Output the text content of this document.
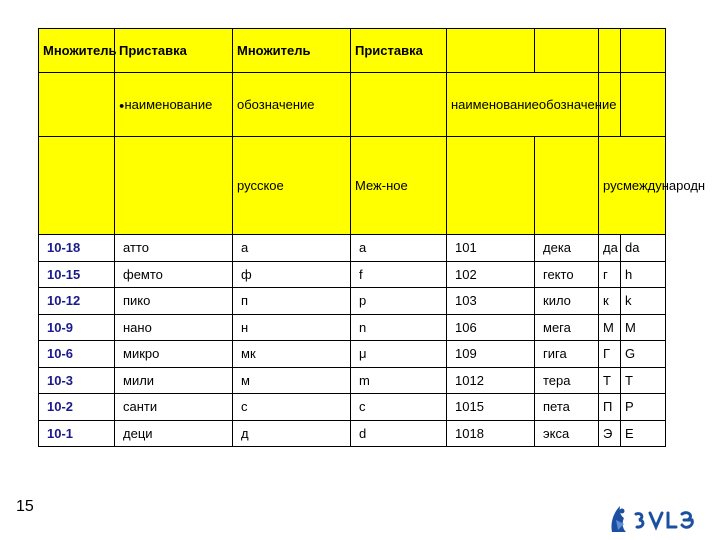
Множитель	Приставка	Множитель	Приставка				
	●наименование	обозначение		наименованиеобозначение			
		русское	Меж-ное			русмеждународн	
10-18	атто	а	a	101	дека	да	da
10-15	фемто	ф	f	102	гекто	г	h
10-12	пико	п	p	103	кило	к	k
10-9	нано	н	n	106	мега	М	M
10-6	микро	мк	μ	109	гига	Г	G
10-3	мили	м	m	1012	тера	Т	T
10-2	санти	с	c	1015	пета	П	P
10-1	деци	д	d	1018	экса	Э	E
15
